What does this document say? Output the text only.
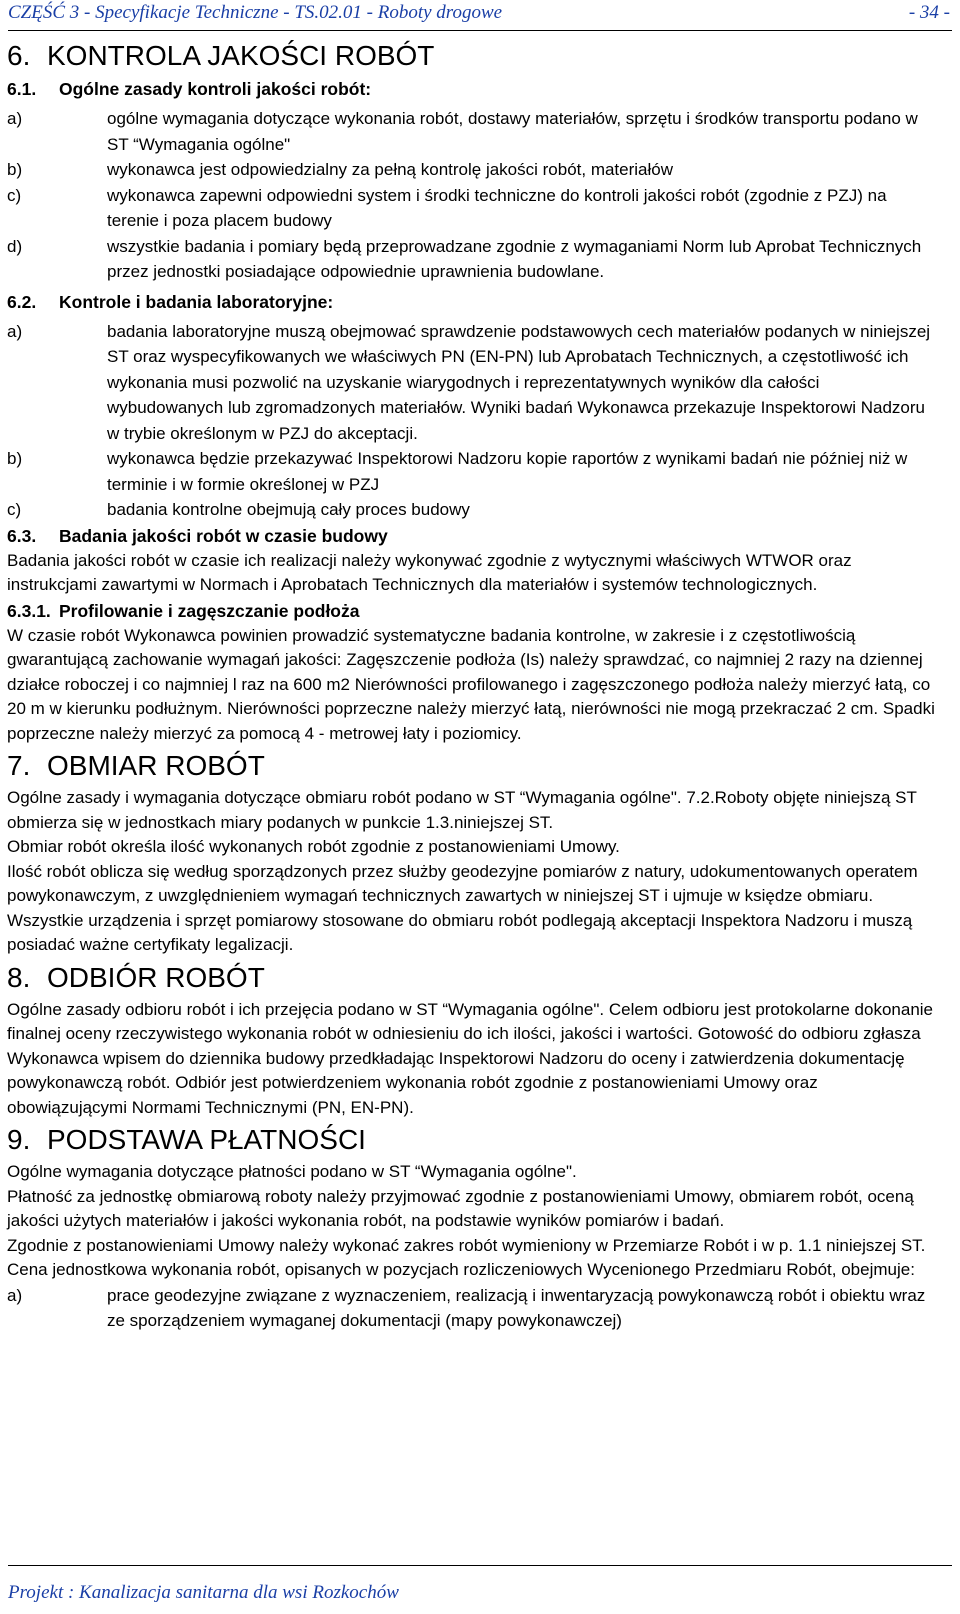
CZĘŚĆ 3 - Specyfikacje Techniczne - TS.02.01 - Roboty drogowe	- 34 -
6. KONTROLA JAKOŚCI ROBÓT
6.1. Ogólne zasady kontroli jakości robót:
a)	ogólne wymagania dotyczące wykonania robót, dostawy materiałów, sprzętu i środków transportu podano w ST “Wymagania ogólne"
b)	wykonawca jest odpowiedzialny za pełną kontrolę jakości robót, materiałów
c)	wykonawca zapewni odpowiedni system i środki techniczne do kontroli jakości robót (zgodnie z PZJ) na terenie i poza placem budowy
d)	wszystkie badania i pomiary będą przeprowadzane zgodnie z wymaganiami Norm lub Aprobat Technicznych przez jednostki posiadające odpowiednie uprawnienia budowlane.
6.2. Kontrole i badania laboratoryjne:
a)	badania laboratoryjne muszą obejmować sprawdzenie podstawowych cech materiałów podanych w niniejszej ST oraz wyspecyfikowanych we właściwych PN (EN-PN) lub Aprobatach Technicznych, a częstotliwość ich wykonania musi pozwolić na uzyskanie wiarygodnych i reprezentatywnych wyników dla całości wybudowanych lub zgromadzonych materiałów. Wyniki badań Wykonawca przekazuje Inspektorowi Nadzoru w trybie określonym w PZJ do akceptacji.
b)	wykonawca będzie przekazywać Inspektorowi Nadzoru kopie raportów z wynikami badań nie później niż w terminie i w formie określonej w PZJ
c)	badania kontrolne obejmują cały proces budowy
6.3. Badania jakości robót w czasie budowy

Badania jakości robót w czasie ich realizacji należy wykonywać zgodnie z wytycznymi właściwych WTWOR oraz instrukcjami zawartymi w Normach i Aprobatach Technicznych dla materiałów i systemów technologicznych.

6.3.1. Profilowanie i zagęszczanie podłoża

W czasie robót Wykonawca powinien prowadzić systematyczne badania kontrolne, w zakresie i z częstotliwością gwarantującą zachowanie wymagań jakości: Zagęszczenie podłoża (Is) należy sprawdzać, co najmniej 2 razy na dziennej działce roboczej i co najmniej l raz na 600 m2 Nierówności profilowanego i zagęszczonego podłoża należy mierzyć łatą, co 20 m w kierunku podłużnym. Nierówności poprzeczne należy mierzyć łatą, nierówności nie mogą przekraczać 2 cm. Spadki poprzeczne należy mierzyć za pomocą 4 - metrowej łaty i poziomicy.

7. OBMIAR ROBÓT

Ogólne zasady i wymagania dotyczące obmiaru robót podano w ST “Wymagania ogólne". 7.2.Roboty objęte niniejszą ST obmierza się w jednostkach miary podanych w punkcie 1.3.niniejszej ST.

Obmiar robót określa ilość wykonanych robót zgodnie z postanowieniami Umowy.

Ilość robót oblicza się według sporządzonych przez służby geodezyjne pomiarów z natury, udokumentowanych operatem powykonawczym, z uwzględnieniem wymagań technicznych zawartych w niniejszej ST i ujmuje w księdze obmiaru. Wszystkie urządzenia i sprzęt pomiarowy stosowane do obmiaru robót podlegają akceptacji Inspektora Nadzoru i muszą posiadać ważne certyfikaty legalizacji.

8. ODBIÓR ROBÓT

Ogólne zasady odbioru robót i ich przejęcia podano w ST “Wymagania ogólne". Celem odbioru jest protokolarne dokonanie finalnej oceny rzeczywistego wykonania robót w odniesieniu do ich ilości, jakości i wartości. Gotowość do odbioru zgłasza Wykonawca wpisem do dziennika budowy przedkładając Inspektorowi Nadzoru do oceny i zatwierdzenia dokumentację powykonawczą robót. Odbiór jest potwierdzeniem wykonania robót zgodnie z postanowieniami Umowy oraz obowiązującymi Normami Technicznymi (PN, EN-PN).

9. PODSTAWA PŁATNOŚCI

Ogólne wymagania dotyczące płatności podano w ST “Wymagania ogólne".

Płatność za jednostkę obmiarową roboty należy przyjmować zgodnie z postanowieniami Umowy, obmiarem robót, oceną jakości użytych materiałów i jakości wykonania robót, na podstawie wyników pomiarów i badań.

Zgodnie z postanowieniami Umowy należy wykonać zakres robót wymieniony w Przemiarze Robót i w p. 1.1 niniejszej ST.

Cena jednostkowa wykonania robót, opisanych w pozycjach rozliczeniowych Wycenionego Przedmiaru Robót, obejmuje:

a)	prace geodezyjne związane z wyznaczeniem, realizacją i inwentaryzacją powykonawczą robót i obiektu wraz ze sporządzeniem wymaganej dokumentacji (mapy powykonawczej)
Projekt : Kanalizacja sanitarna dla wsi Rozkochów
